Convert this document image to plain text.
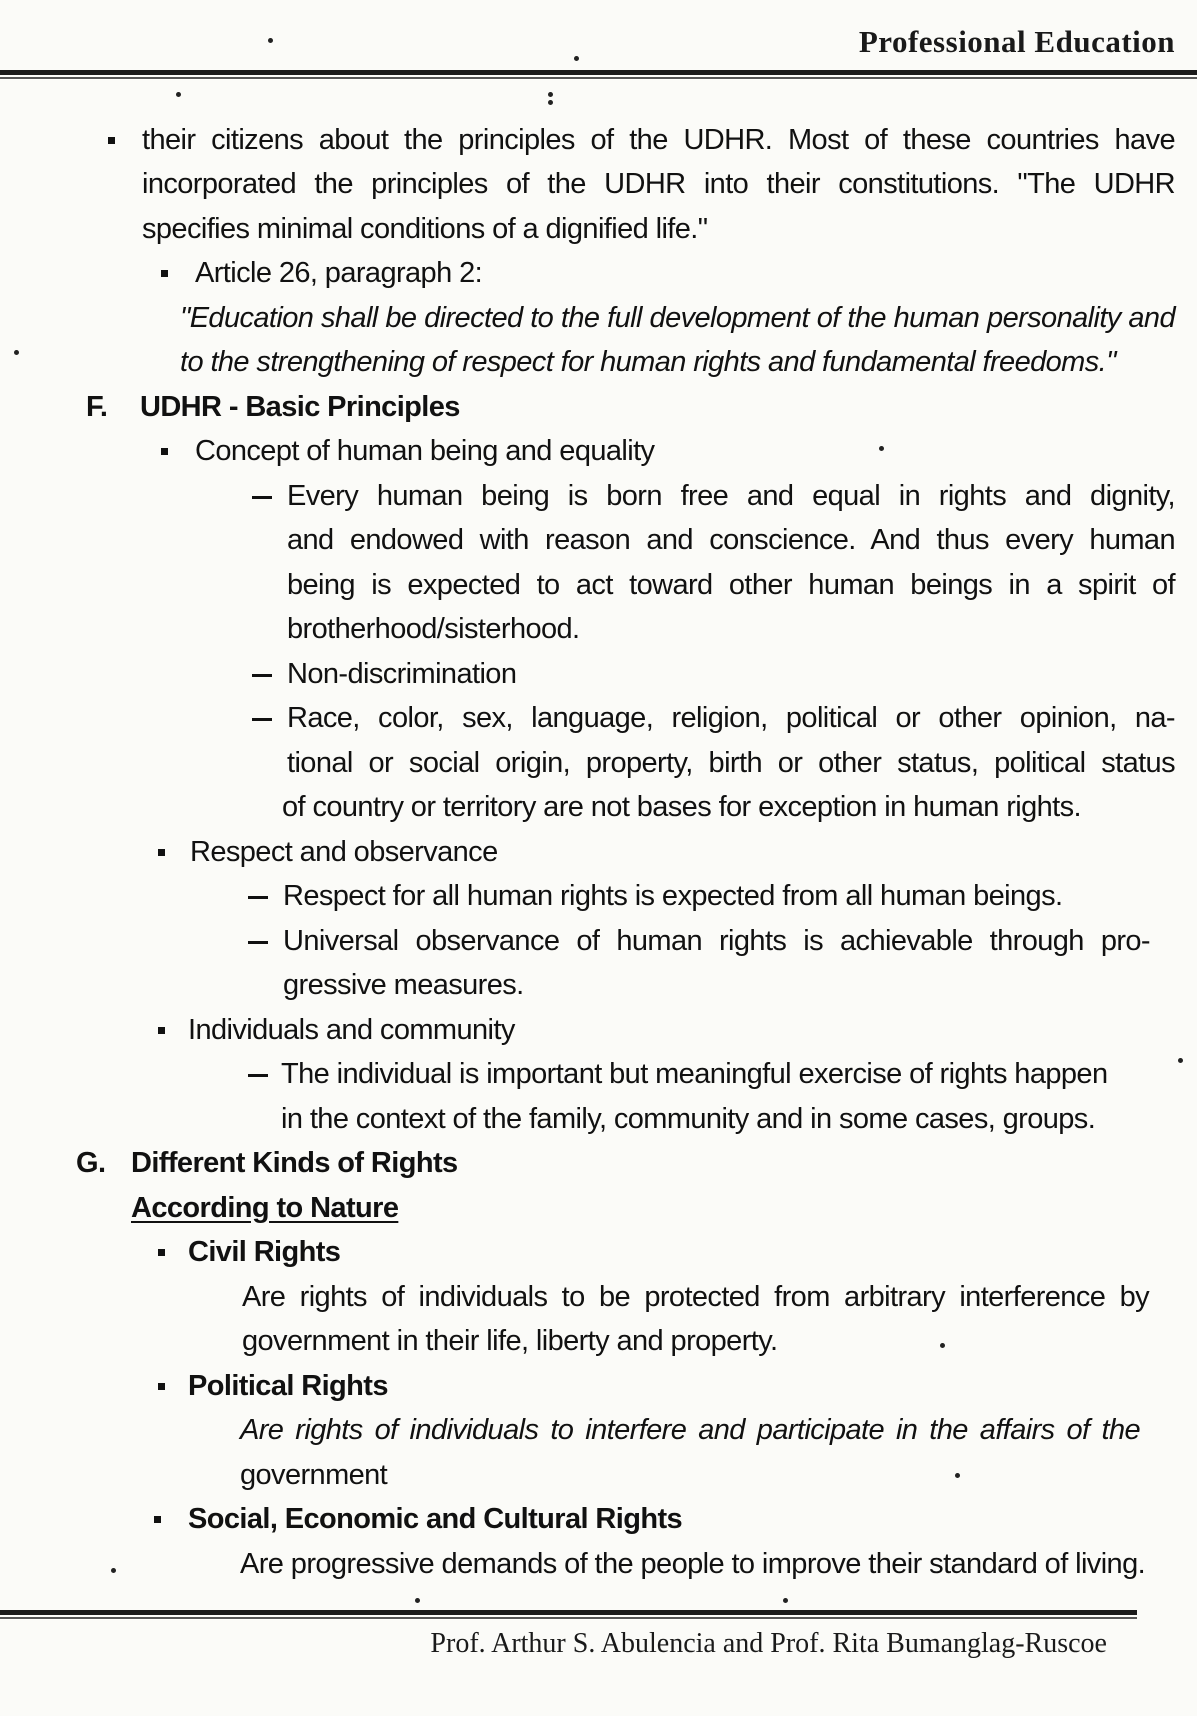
Professional Education
their citizens about the principles of the UDHR. Most of these countries have
incorporated the principles of the UDHR into their constitutions. "The UDHR
specifies minimal conditions of a dignified life."
Article 26, paragraph 2:
"Education shall be directed to the full development of the human personality and
to the strengthening of respect for human rights and fundamental freedoms."
F. UDHR - Basic Principles
Concept of human being and equality
Every human being is born free and equal in rights and dignity,
and endowed with reason and conscience. And thus every human
being is expected to act toward other human beings in a spirit of
brotherhood/sisterhood.
Non-discrimination
Race, color, sex, language, religion, political or other opinion, na-
tional or social origin, property, birth or other status, political status
of country or territory are not bases for exception in human rights.
Respect and observance
Respect for all human rights is expected from all human beings.
Universal observance of human rights is achievable through pro-
gressive measures.
Individuals and community
The individual is important but meaningful exercise of rights happen
in the context of the family, community and in some cases, groups.
G. Different Kinds of Rights
According to Nature
Civil Rights
Are rights of individuals to be protected from arbitrary interference by
government in their life, liberty and property.
Political Rights
Are rights of individuals to interfere and participate in the affairs of the
government
Social, Economic and Cultural Rights
Are progressive demands of the people to improve their standard of living.
Prof. Arthur S. Abulencia and Prof. Rita Bumanglag-Ruscoe
